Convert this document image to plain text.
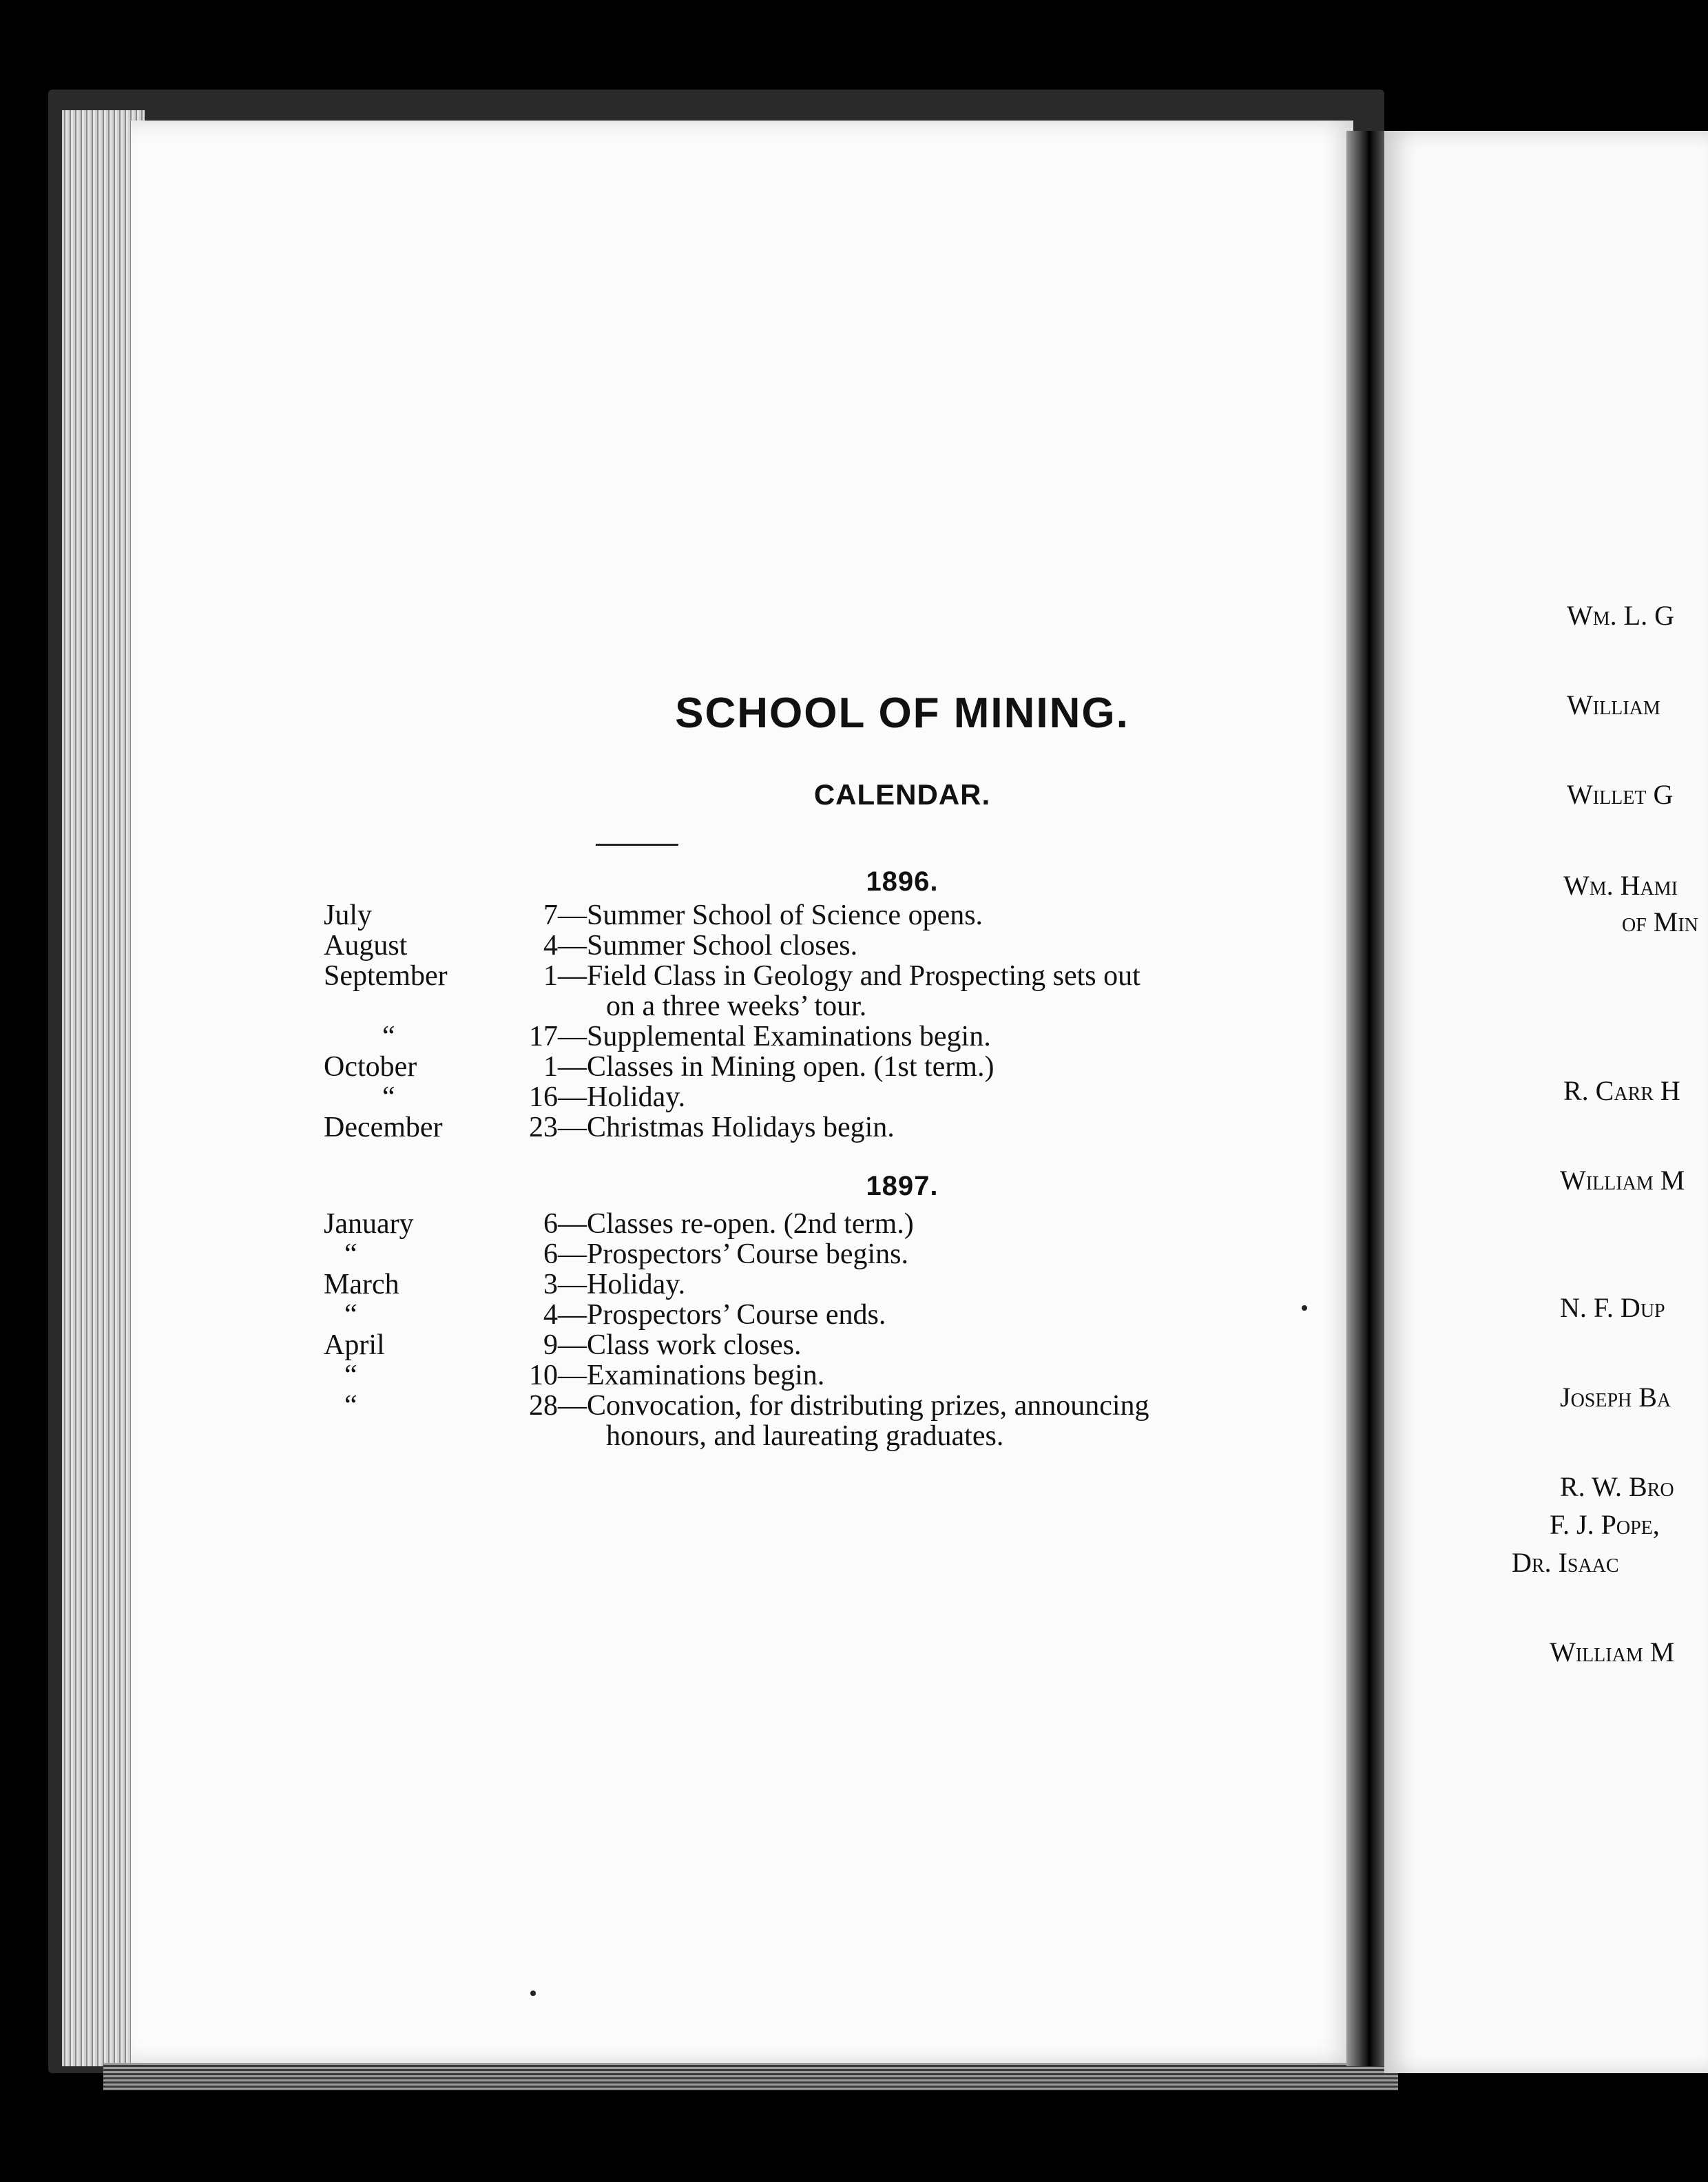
SCHOOL OF MINING.
CALENDAR.
1896.
July	7 —Summer School of Science opens.
August	4 —Summer School closes.
September	1 —Field Class in Geology and Prospecting sets out
on a three weeks’ tour.
“	17 —Supplemental Examinations begin.
October	1 —Classes in Mining open. (1st term.)
“	16 —Holiday.
December	23 —Christmas Holidays begin.
1897.
January	6 —Classes re-open. (2nd term.)
“	6 —Prospectors’ Course begins.
March	3 —Holiday.
“	4 —Prospectors’ Course ends.
April	9 —Class work closes.
“	10 —Examinations begin.
“	28 —Convocation, for distributing prizes, announcing
honours, and laureating graduates.
Wm. L. G
William
Willet G
Wm. Hami
of Min
R. Carr H
William M
N. F. Dup
Joseph Ba
R. W. Bro
F. J. Pope,
Dr. Isaac
William M
